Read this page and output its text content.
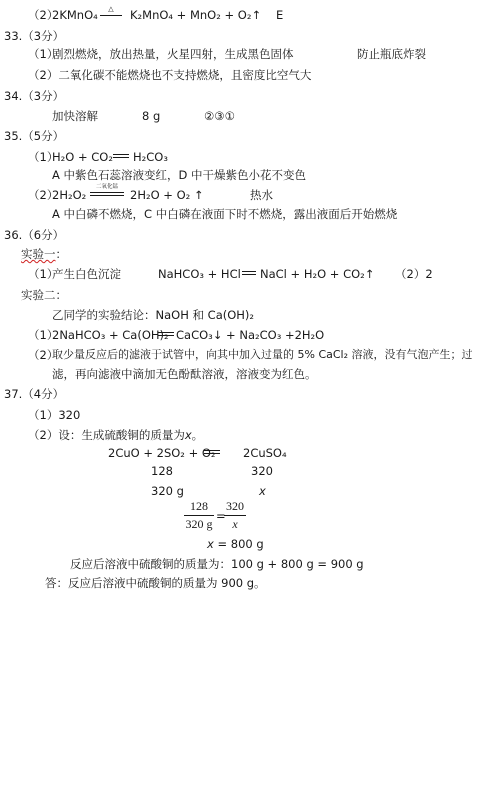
（2）
2KMnO₄	△	K₂MnO₄ + MnO₂ + O₂↑ E
33.（3分）
（1）
剧烈燃烧，放出热量，火星四射，生成黑色固体	防止瓶底炸裂
（2）二氧化碳不能燃烧也不支持燃烧，且密度比空气大
34.（3分）
加快溶解	8 g	②③①
35.（5分）
（1）
H₂O + CO₂ H₂CO₃
A 中紫色石蕊溶液变红，D 中干燥紫色小花不变色
（2）
2H₂O₂
二氧化锰
2H₂O + O₂ ↑	热水
A 中白磷不燃烧，C 中白磷在液面下时不燃烧，露出液面后开始燃烧
36.（6分）
实验一：
（1）
产生白色沉淀	NaHCO₃ + HCl NaCl + H₂O + CO₂↑ （2）2
实验二：
乙同学的实验结论：NaOH 和 Ca(OH)₂
（1）
2NaHCO₃ + Ca(OH)₂ CaCO₃↓ + Na₂CO₃ +2H₂O
（2）
取少量反应后的滤液于试管中，向其中加入过量的 5% CaCl₂ 溶液，没有气泡产生；过
滤，再向滤液中滴加无色酚酞溶液，溶液变为红色。
37.（4分）
（1）320
（2）设：生成硫酸铜的质量为x。
2CuO + 2SO₂ + O₂ 2CuSO₄
128	320
320 g	x
128
320 g
=
320
x
x = 800 g
反应后溶液中硫酸铜的质量为：100 g + 800 g = 900 g
答：反应后溶液中硫酸铜的质量为 900 g。
